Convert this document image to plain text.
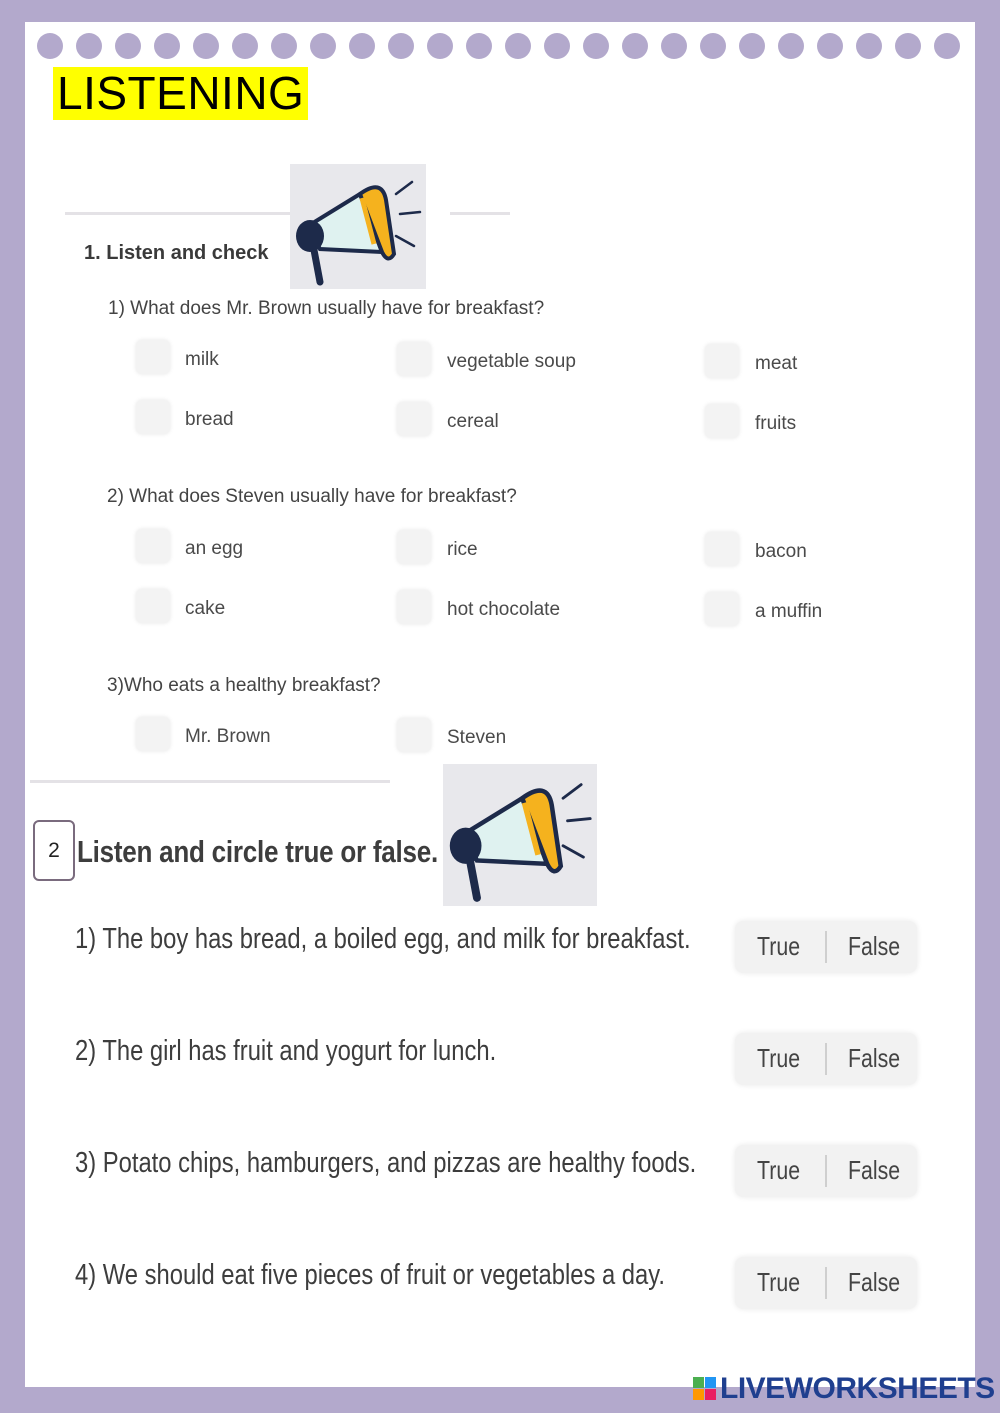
LISTENING
1. Listen and check
1) What does Mr. Brown usually have for breakfast?
milk	vegetable soup	meat
bread	cereal	fruits
2) What does Steven usually have for breakfast?
an egg	rice	bacon
cake	hot chocolate	a muffin
3)Who eats a healthy breakfast?
Mr. Brown	Steven
2 Listen and circle true or false.
1) The boy has bread, a boiled egg, and milk for breakfast.	True False
2) The girl has fruit and yogurt for lunch.	True False
3) Potato chips, hamburgers, and pizzas are healthy foods. True False
4) We should eat five pieces of fruit or vegetables a day.	True False
LIVEWORKSHEETS
